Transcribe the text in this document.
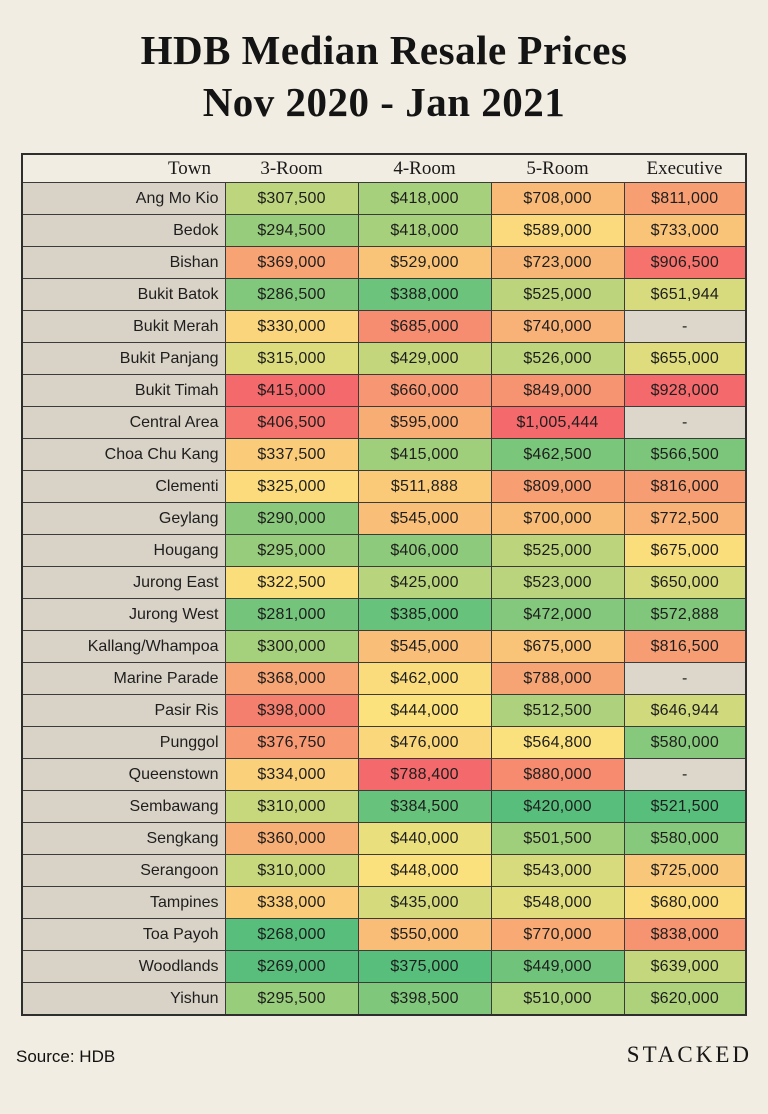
HDB Median Resale Prices
Nov 2020 - Jan 2021
Town	3-Room	4-Room	5-Room	Executive
Ang Mo Kio	$307,500	$418,000	$708,000	$811,000
Bedok	$294,500	$418,000	$589,000	$733,000
Bishan	$369,000	$529,000	$723,000	$906,500
Bukit Batok	$286,500	$388,000	$525,000	$651,944
Bukit Merah	$330,000	$685,000	$740,000	-
Bukit Panjang	$315,000	$429,000	$526,000	$655,000
Bukit Timah	$415,000	$660,000	$849,000	$928,000
Central Area	$406,500	$595,000	$1,005,444	-
Choa Chu Kang	$337,500	$415,000	$462,500	$566,500
Clementi	$325,000	$511,888	$809,000	$816,000
Geylang	$290,000	$545,000	$700,000	$772,500
Hougang	$295,000	$406,000	$525,000	$675,000
Jurong East	$322,500	$425,000	$523,000	$650,000
Jurong West	$281,000	$385,000	$472,000	$572,888
Kallang/Whampoa	$300,000	$545,000	$675,000	$816,500
Marine Parade	$368,000	$462,000	$788,000	-
Pasir Ris	$398,000	$444,000	$512,500	$646,944
Punggol	$376,750	$476,000	$564,800	$580,000
Queenstown	$334,000	$788,400	$880,000	-
Sembawang	$310,000	$384,500	$420,000	$521,500
Sengkang	$360,000	$440,000	$501,500	$580,000
Serangoon	$310,000	$448,000	$543,000	$725,000
Tampines	$338,000	$435,000	$548,000	$680,000
Toa Payoh	$268,000	$550,000	$770,000	$838,000
Woodlands	$269,000	$375,000	$449,000	$639,000
Yishun	$295,500	$398,500	$510,000	$620,000
Source: HDB	STACKED
